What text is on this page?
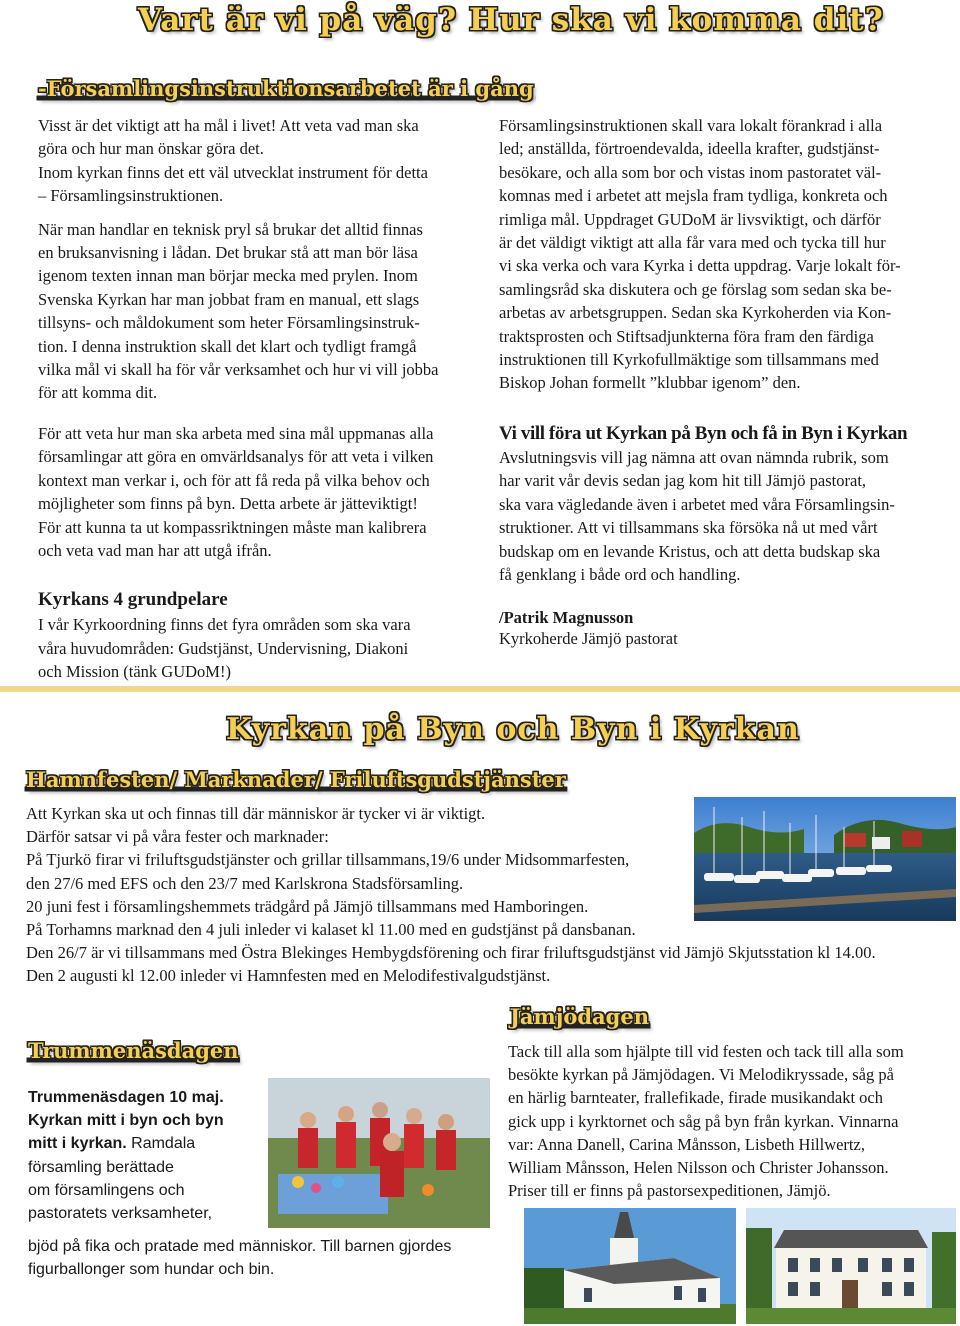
Vart är vi på väg? Hur ska vi komma dit?
-Församlingsinstruktionsarbetet är i gång

Visst är det viktigt att ha mål i livet! Att veta vad man ska
göra och hur man önskar göra det.
Inom kyrkan finns det ett väl utvecklat instrument för detta
– Församlingsinstruktionen.

När man handlar en teknisk pryl så brukar det alltid finnas
en bruksanvisning i lådan. Det brukar stå att man bör läsa
igenom texten innan man börjar mecka med prylen. Inom
Svenska Kyrkan har man jobbat fram en manual, ett slags
tillsyns- och måldokument som heter Församlingsinstruk-
tion. I denna instruktion skall det klart och tydligt framgå
vilka mål vi skall ha för vår verksamhet och hur vi vill jobba
för att komma dit.

För att veta hur man ska arbeta med sina mål uppmanas alla
församlingar att göra en omvärldsanalys för att veta i vilken
kontext man verkar i, och för att få reda på vilka behov och
möjligheter som finns på byn. Detta arbete är jätteviktigt!
För att kunna ta ut kompassriktningen måste man kalibrera
och veta vad man har att utgå ifrån.

Kyrkans 4 grundpelare

I vår Kyrkoordning finns det fyra områden som ska vara
våra huvudområden: Gudstjänst, Undervisning, Diakoni
och Mission (tänk GUDoM!)

Församlingsinstruktionen skall vara lokalt förankrad i alla
led; anställda, förtroendevalda, ideella krafter, gudstjänst-
besökare, och alla som bor och vistas inom pastoratet väl-
komnas med i arbetet att mejsla fram tydliga, konkreta och
rimliga mål. Uppdraget GUDoM är livsviktigt, och därför
är det väldigt viktigt att alla får vara med och tycka till hur
vi ska verka och vara Kyrka i detta uppdrag. Varje lokalt för-
samlingsråd ska diskutera och ge förslag som sedan ska be-
arbetas av arbetsgruppen. Sedan ska Kyrkoherden via Kon-
traktsprosten och Stiftsadjunkterna föra fram den färdiga
instruktionen till Kyrkofullmäktige som tillsammans med
Biskop Johan formellt ”klubbar igenom” den.

Vi vill föra ut Kyrkan på Byn och få in Byn i Kyrkan

Avslutningsvis vill jag nämna att ovan nämnda rubrik, som
har varit vår devis sedan jag kom hit till Jämjö pastorat,
ska vara vägledande även i arbetet med våra Församlingsin-
struktioner. Att vi tillsammans ska försöka nå ut med vårt
budskap om en levande Kristus, och att detta budskap ska
få genklang i både ord och handling.

/Patrik Magnusson
Kyrkoherde Jämjö pastorat
Kyrkan på Byn och Byn i Kyrkan
Hamnfesten/ Marknader/ Friluftsgudstjänster

Att Kyrkan ska ut och finnas till där människor är tycker vi är viktigt.
Därför satsar vi på våra fester och marknader:
På Tjurkö firar vi friluftsgudstjänster och grillar tillsammans,19/6 under Midsommarfesten,
den 27/6 med EFS och den 23/7 med Karlskrona Stadsförsamling.
20 juni fest i församlingshemmets trädgård på Jämjö tillsammans med Hamboringen.
På Torhamns marknad den 4 juli inleder vi kalaset kl 11.00 med en gudstjänst på dansbanan.
Den 26/7 är vi tillsammans med Östra Blekinges Hembygdsförening och firar friluftsgudstjänst vid Jämjö Skjutsstation kl 14.00.
Den 2 augusti kl 12.00 inleder vi Hamnfesten med en Melodifestivalgudstjänst.

Trummenäsdagen
Trummenäsdagen 10 maj.
Kyrkan mitt i byn och byn
mitt i kyrkan. Ramdala
församling berättade
om församlingens och
pastoratets verksamheter,
bjöd på fika och pratade med människor. Till barnen gjordes
figurballonger som hundar och bin.
Jämjödagen

Tack till alla som hjälpte till vid festen och tack till alla som
besökte kyrkan på Jämjödagen. Vi Melodikryssade, såg på
en härlig barnteater, frallefikade, firade musikandakt och
gick upp i kyrktornet och såg på byn från kyrkan. Vinnarna
var: Anna Danell, Carina Månsson, Lisbeth Hillwertz,
William Månsson, Helen Nilsson och Christer Johansson.
Priser till er finns på pastorsexpeditionen, Jämjö.
